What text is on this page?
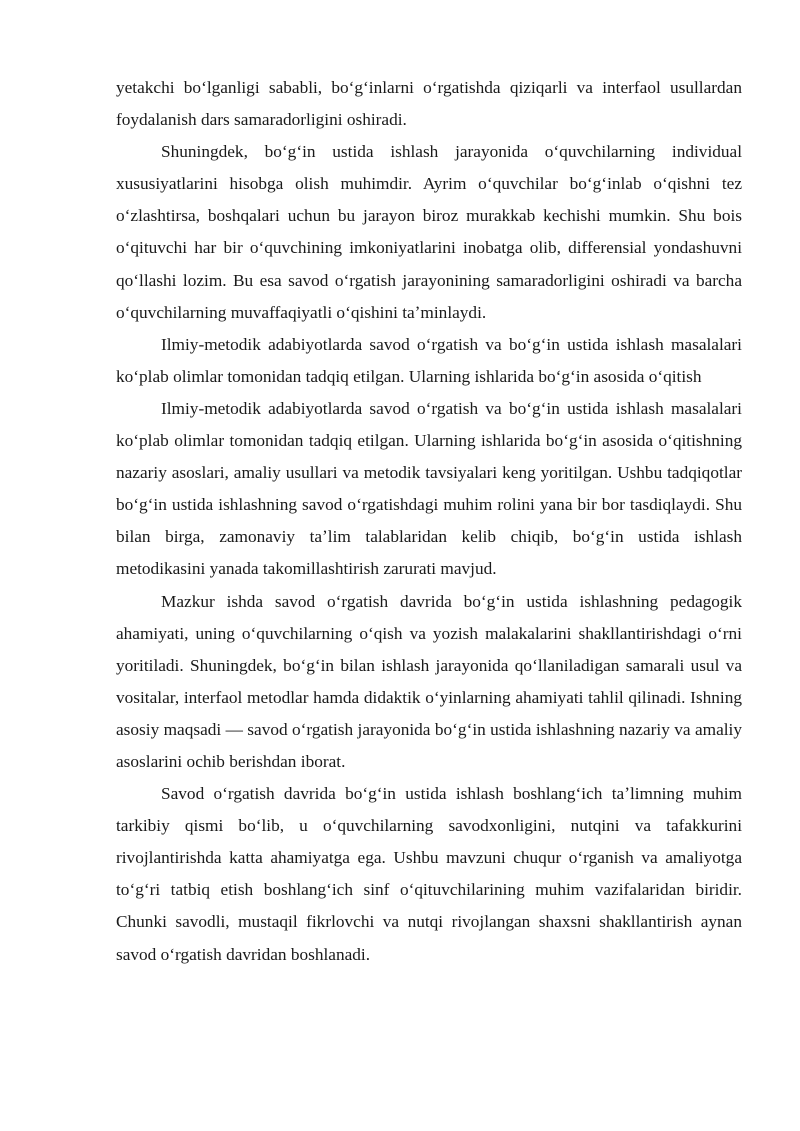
yetakchi boʻlganligi sababli, boʻgʻinlarni oʻrgatishda qiziqarli va interfaol usullardan foydalanish dars samaradorligini oshiradi.

Shuningdek, boʻgʻin ustida ishlash jarayonida oʻquvchilarning individual xususiyatlarini hisobga olish muhimdir. Ayrim oʻquvchilar boʻgʻinlab oʻqishni tez oʻzlashtirsa, boshqalari uchun bu jarayon biroz murakkab kechishi mumkin. Shu bois oʻqituvchi har bir oʻquvchining imkoniyatlarini inobatga olib, differensial yondashuvni qoʻllashi lozim. Bu esa savod oʻrgatish jarayonining samaradorligini oshiradi va barcha oʻquvchilarning muvaffaqiyatli oʻqishini taʼminlaydi.

Ilmiy-metodik adabiyotlarda savod oʻrgatish va boʻgʻin ustida ishlash masalalari koʻplab olimlar tomonidan tadqiq etilgan. Ularning ishlarida boʻgʻin asosida oʻqitish

Ilmiy-metodik adabiyotlarda savod oʻrgatish va boʻgʻin ustida ishlash masalalari koʻplab olimlar tomonidan tadqiq etilgan. Ularning ishlarida boʻgʻin asosida oʻqitishning nazariy asoslari, amaliy usullari va metodik tavsiyalari keng yoritilgan. Ushbu tadqiqotlar boʻgʻin ustida ishlashning savod oʻrgatishdagi muhim rolini yana bir bor tasdiqlaydi. Shu bilan birga, zamonaviy taʼlim talablaridan kelib chiqib, boʻgʻin ustida ishlash metodikasini yanada takomillashtirish zarurati mavjud.

Mazkur ishda savod oʻrgatish davrida boʻgʻin ustida ishlashning pedagogik ahamiyati, uning oʻquvchilarning oʻqish va yozish malakalarini shakllantirishdagi oʻrni yoritiladi. Shuningdek, boʻgʻin bilan ishlash jarayonida qoʻllaniladigan samarali usul va vositalar, interfaol metodlar hamda didaktik oʻyinlarning ahamiyati tahlil qilinadi. Ishning asosiy maqsadi — savod oʻrgatish jarayonida boʻgʻin ustida ishlashning nazariy va amaliy asoslarini ochib berishdan iborat.

Savod oʻrgatish davrida boʻgʻin ustida ishlash boshlangʻich taʼlimning muhim tarkibiy qismi boʻlib, u oʻquvchilarning savodxonligini, nutqini va tafakkurini rivojlantirishda katta ahamiyatga ega. Ushbu mavzuni chuqur oʻrganish va amaliyotga toʻgʻri tatbiq etish boshlangʻich sinf oʻqituvchilarining muhim vazifalaridan biridir. Chunki savodli, mustaqil fikrlovchi va nutqi rivojlangan shaxsni shakllantirish aynan savod oʻrgatish davridan boshlanadi.
